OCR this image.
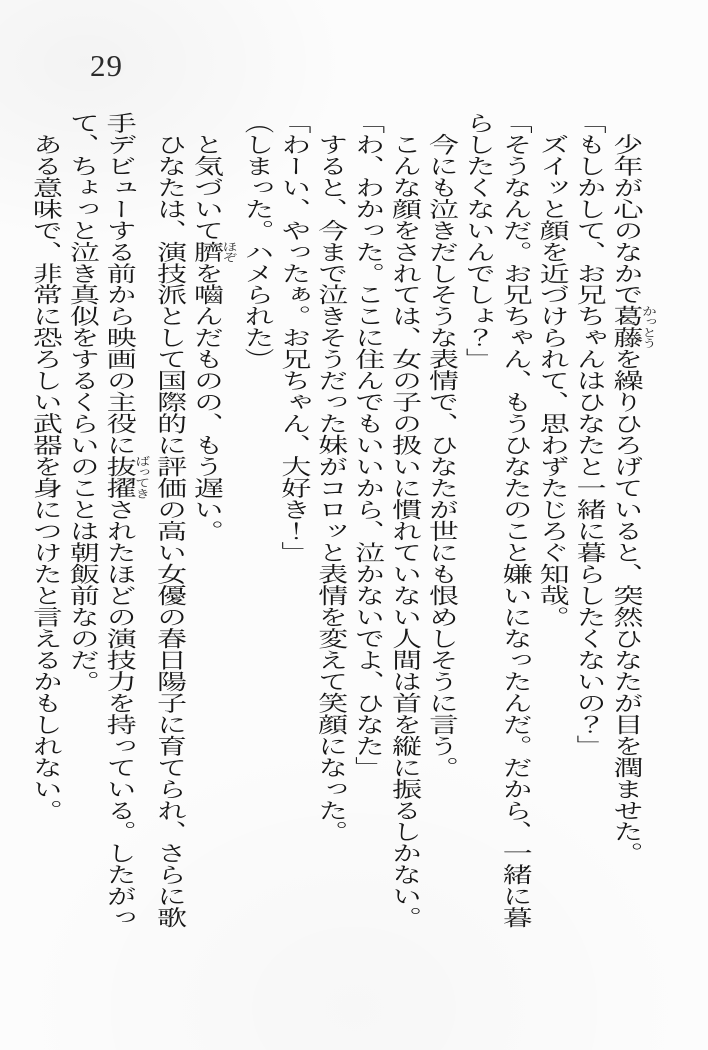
29
少年が心のなかで葛藤かっとうを繰りひろげていると、突然ひなたが目を潤ませた。
「もしかして、お兄ちゃんはひなたと一緒に暮らしたくないの？」
ズイッと顔を近づけられて、思わずたじろぐ知哉。
「そうなんだ。お兄ちゃん、もうひなたのこと嫌いになったんだ。だから、一緒に暮
らしたくないんでしょ？」
今にも泣きだしそうな表情で、ひなたが世にも恨めしそうに言う。
こんな顔をされては、女の子の扱いに慣れていない人間は首を縦に振るしかない。
「わ、わかった。ここに住んでもいいから、泣かないでよ、ひなた」
すると、今まで泣きそうだった妹がコロッと表情を変えて笑顔になった。
「わーい、やったぁ。お兄ちゃん、大好き！」
（しまった。ハメられた）
と気づいて臍ほぞを嚙んだものの、もう遅い。
ひなたは、演技派として国際的に評価の高い女優の春日陽子に育てられ、さらに歌
手デビューする前から映画の主役に抜擢ばってきされたほどの演技力を持っている。したがっ
て、ちょっと泣き真似をするくらいのことは朝飯前なのだ。
ある意味で、非常に恐ろしい武器を身につけたと言えるかもしれない。
